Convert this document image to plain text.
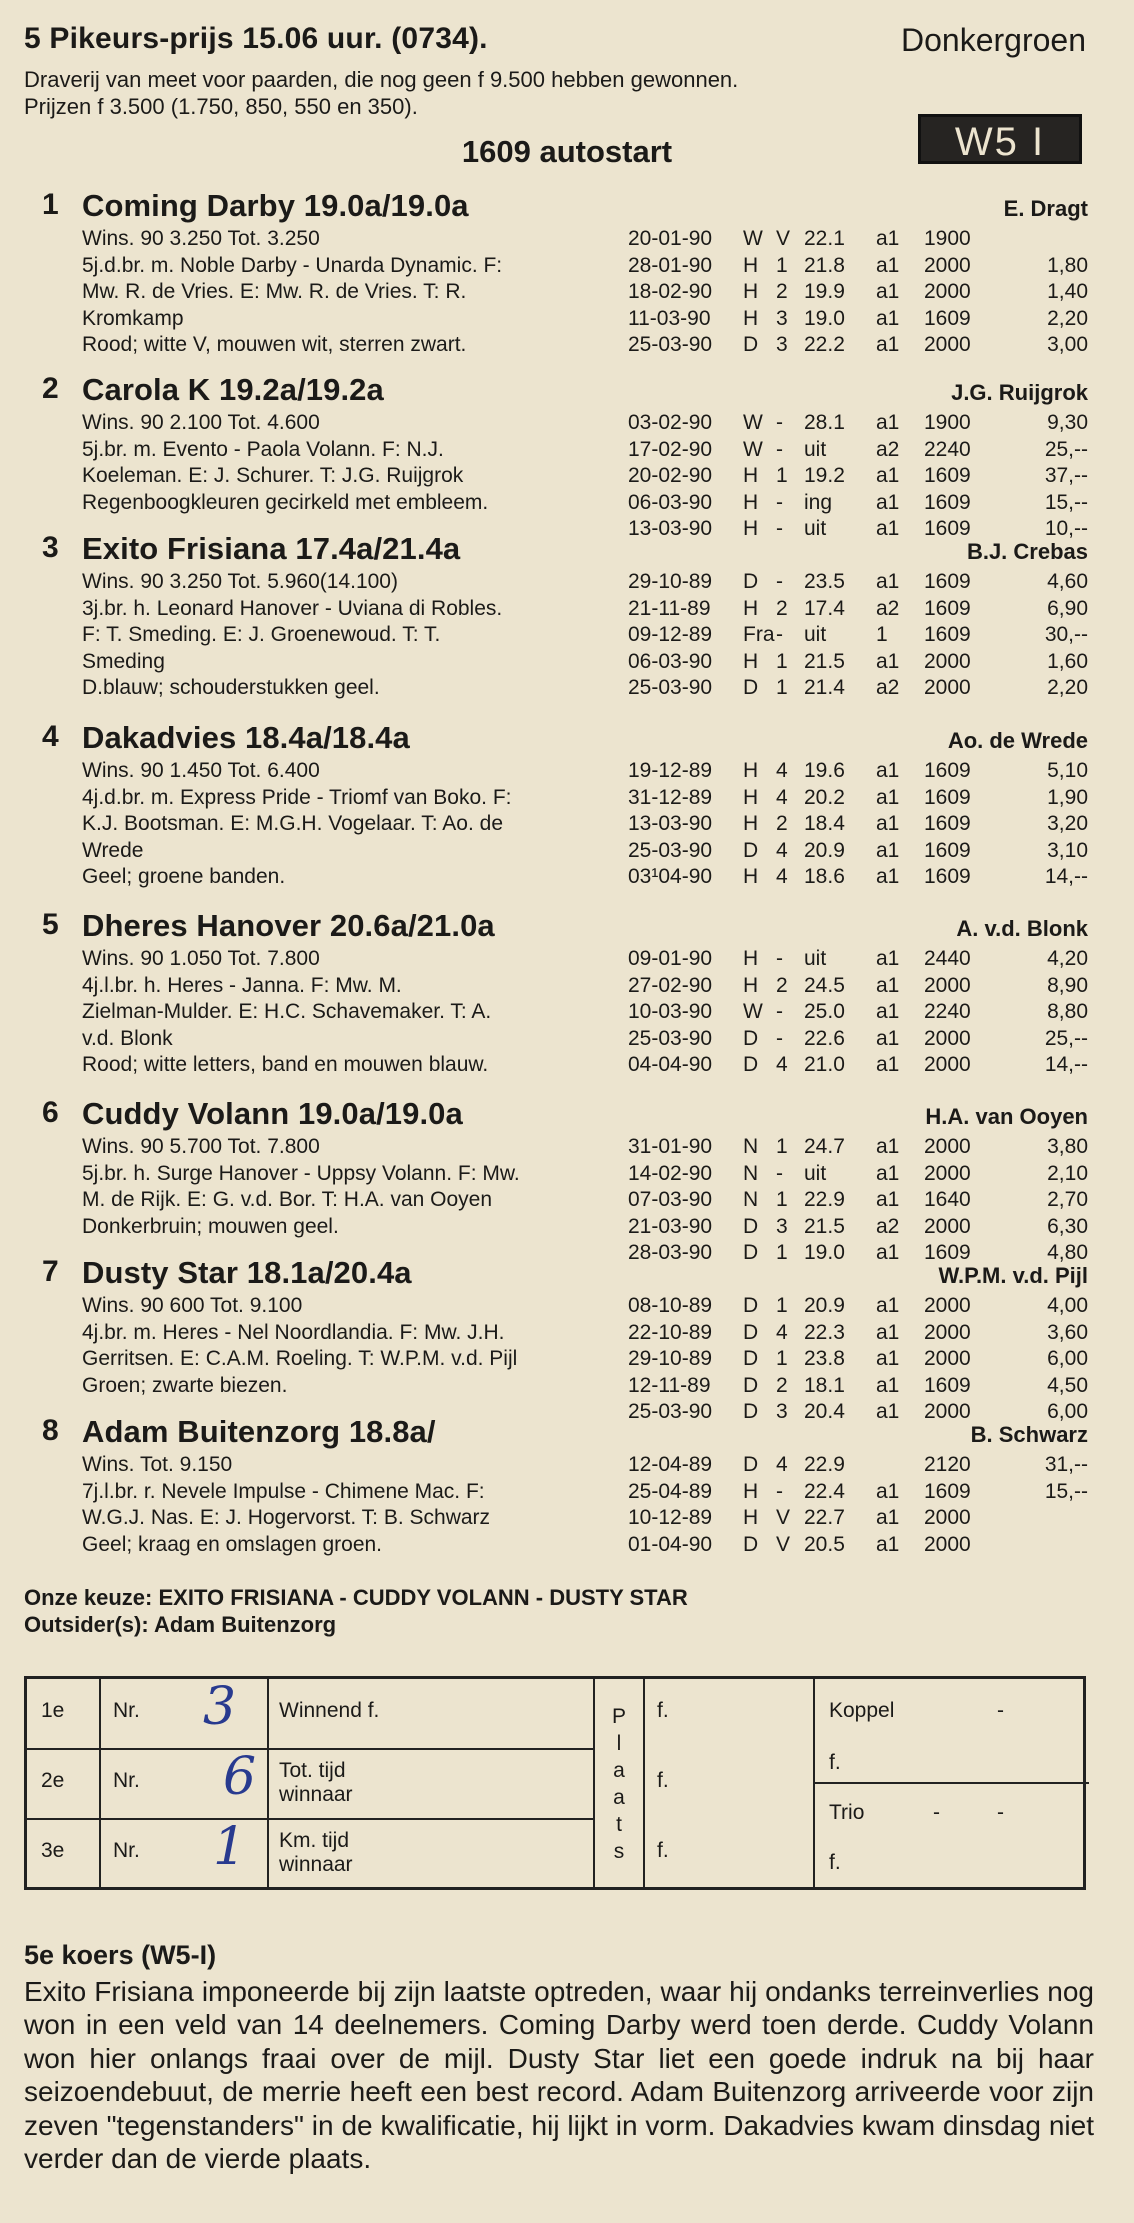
5 Pikeurs-prijs 15.06 uur. (0734).	Donkergroen
Draverij van meet voor paarden, die nog geen f 9.500 hebben gewonnen.
Prijzen f 3.500 (1.750, 850, 550 en 350).
1609 autostart	W5 I
1 Coming Darby 19.0a/19.0a	E. Dragt
Wins. 90 3.250 Tot. 3.250
5j.d.br. m. Noble Darby - Unarda Dynamic. F:
Mw. R. de Vries. E: Mw. R. de Vries. T: R.
Kromkamp
Rood; witte V, mouwen wit, sterren zwart.
20-01-90 W V 22.1 a1 1900
28-01-90 H 1 21.8 a1 2000	1,80
18-02-90 H 2 19.9 a1 2000	1,40
11-03-90 H 3 19.0 a1 1609	2,20
25-03-90 D 3 22.2 a1 2000	3,00
2 Carola K 19.2a/19.2a	J.G. Ruijgrok
Wins. 90 2.100 Tot. 4.600
5j.br. m. Evento - Paola Volann. F: N.J.
Koeleman. E: J. Schurer. T: J.G. Ruijgrok
Regenboogkleuren gecirkeld met embleem.
03-02-90 W - 28.1 a1 1900	9,30
17-02-90 W - uit a2 2240	25,--
20-02-90 H 1 19.2 a1 1609	37,--
06-03-90 H - ing a1 1609	15,--
13-03-90 H - uit a1 1609	10,--
3 Exito Frisiana 17.4a/21.4a	B.J. Crebas
Wins. 90 3.250 Tot. 5.960(14.100)
3j.br. h. Leonard Hanover - Uviana di Robles.
F: T. Smeding. E: J. Groenewoud. T: T.
Smeding
D.blauw; schouderstukken geel.
29-10-89 D - 23.5 a1 1609	4,60
21-11-89 H 2 17.4 a2 1609	6,90
09-12-89 Fra - uit 1 1609	30,--
06-03-90 H 1 21.5 a1 2000	1,60
25-03-90 D 1 21.4 a2 2000	2,20
4 Dakadvies 18.4a/18.4a	Ao. de Wrede
Wins. 90 1.450 Tot. 6.400
4j.d.br. m. Express Pride - Triomf van Boko. F:
K.J. Bootsman. E: M.G.H. Vogelaar. T: Ao. de
Wrede
Geel; groene banden.
19-12-89 H 4 19.6 a1 1609	5,10
31-12-89 H 4 20.2 a1 1609	1,90
13-03-90 H 2 18.4 a1 1609	3,20
25-03-90 D 4 20.9 a1 1609	3,10
03¹04-90 H 4 18.6 a1 1609	14,--
5 Dheres Hanover 20.6a/21.0a	A. v.d. Blonk
Wins. 90 1.050 Tot. 7.800
4j.l.br. h. Heres - Janna. F: Mw. M.
Zielman-Mulder. E: H.C. Schavemaker. T: A.
v.d. Blonk
Rood; witte letters, band en mouwen blauw.
09-01-90 H - uit a1 2440	4,20
27-02-90 H 2 24.5 a1 2000	8,90
10-03-90 W - 25.0 a1 2240	8,80
25-03-90 D - 22.6 a1 2000	25,--
04-04-90 D 4 21.0 a1 2000	14,--
6 Cuddy Volann 19.0a/19.0a	H.A. van Ooyen
Wins. 90 5.700 Tot. 7.800
5j.br. h. Surge Hanover - Uppsy Volann. F: Mw.
M. de Rijk. E: G. v.d. Bor. T: H.A. van Ooyen
Donkerbruin; mouwen geel.
31-01-90 N 1 24.7 a1 2000	3,80
14-02-90 N - uit a1 2000	2,10
07-03-90 N 1 22.9 a1 1640	2,70
21-03-90 D 3 21.5 a2 2000	6,30
28-03-90 D 1 19.0 a1 1609	4,80
7 Dusty Star 18.1a/20.4a	W.P.M. v.d. Pijl
Wins. 90 600 Tot. 9.100
4j.br. m. Heres - Nel Noordlandia. F: Mw. J.H.
Gerritsen. E: C.A.M. Roeling. T: W.P.M. v.d. Pijl
Groen; zwarte biezen.
08-10-89 D 1 20.9 a1 2000	4,00
22-10-89 D 4 22.3 a1 2000	3,60
29-10-89 D 1 23.8 a1 2000	6,00
12-11-89 D 2 18.1 a1 1609	4,50
25-03-90 D 3 20.4 a1 2000	6,00
8 Adam Buitenzorg 18.8a/	B. Schwarz
Wins. Tot. 9.150
7j.l.br. r. Nevele Impulse - Chimene Mac. F:
W.G.J. Nas. E: J. Hogervorst. T: B. Schwarz
Geel; kraag en omslagen groen.
12-04-89 D 4 22.9	2120	31,--
25-04-89 H - 22.4 a1 1609	15,--
10-12-89 H V 22.7 a1 2000
01-04-90 D V 20.5 a1 2000
Onze keuze: EXITO FRISIANA - CUDDY VOLANN - DUSTY STAR
Outsider(s): Adam Buitenzorg
1e Nr. 3 Winnend f.
2e Nr. 6 Tot. tijd
winnaar
3e Nr. 1 Km. tijd
winnaar
P
l
a
a
t
s
f.
f.
f.
Koppel	-
f.
Trio	-	-
f.
5e koers (W5-I)
Exito Frisiana imponeerde bij zijn laatste optreden, waar hij ondanks terreinverlies nog won in een veld van 14 deelnemers. Coming Darby werd toen derde. Cuddy Volann won hier onlangs fraai over de mijl. Dusty Star liet een goede indruk na bij haar seizoendebuut, de merrie heeft een best record. Adam Buitenzorg arriveerde voor zijn zeven "tegenstanders" in de kwalificatie, hij lijkt in vorm. Dakadvies kwam dinsdag niet verder dan de vierde plaats.
